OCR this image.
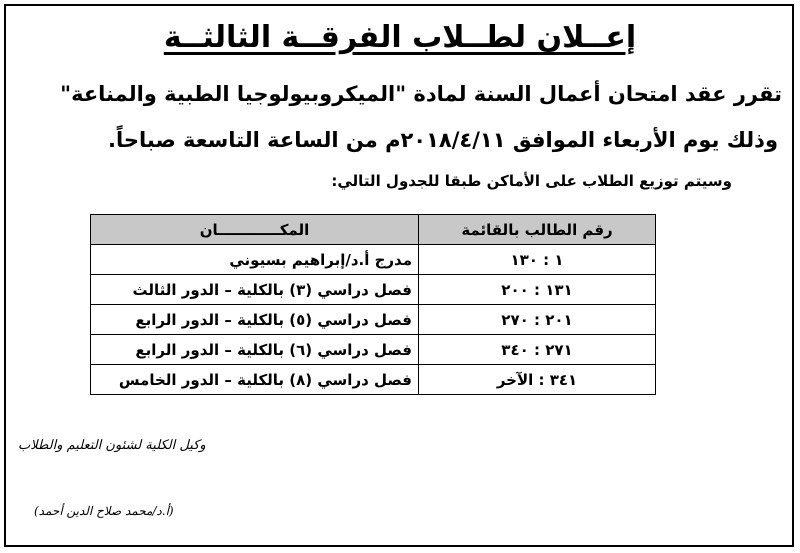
إعــلان لطــلاب الفرقــة الثالثــة
تقرر عقد امتحان أعمال السنة لمادة "الميكروبيولوجيا الطبية والمناعة"
وذلك يوم الأربعاء الموافق ٢٠١٨/٤/١١م من الساعة التاسعة صباحاً.
وسيتم توزيع الطلاب على الأماكن طبقا للجدول التالي:
رقم الطالب بالقائمة	المكــــــــــــان
١ : ١٣٠	مدرج أ.د/إبراهيم بسيوني
١٣١ : ٢٠٠	فصل دراسي (٣) بالكلية – الدور الثالث
٢٠١ : ٢٧٠	فصل دراسي (٥) بالكلية – الدور الرابع
٢٧١ : ٣٤٠	فصل دراسي (٦) بالكلية – الدور الرابع
٣٤١ : الآخر	فصل دراسي (٨) بالكلية – الدور الخامس
وكيل الكلية لشئون التعليم والطلاب
(أ.د/محمد صلاح الدين أحمد)
